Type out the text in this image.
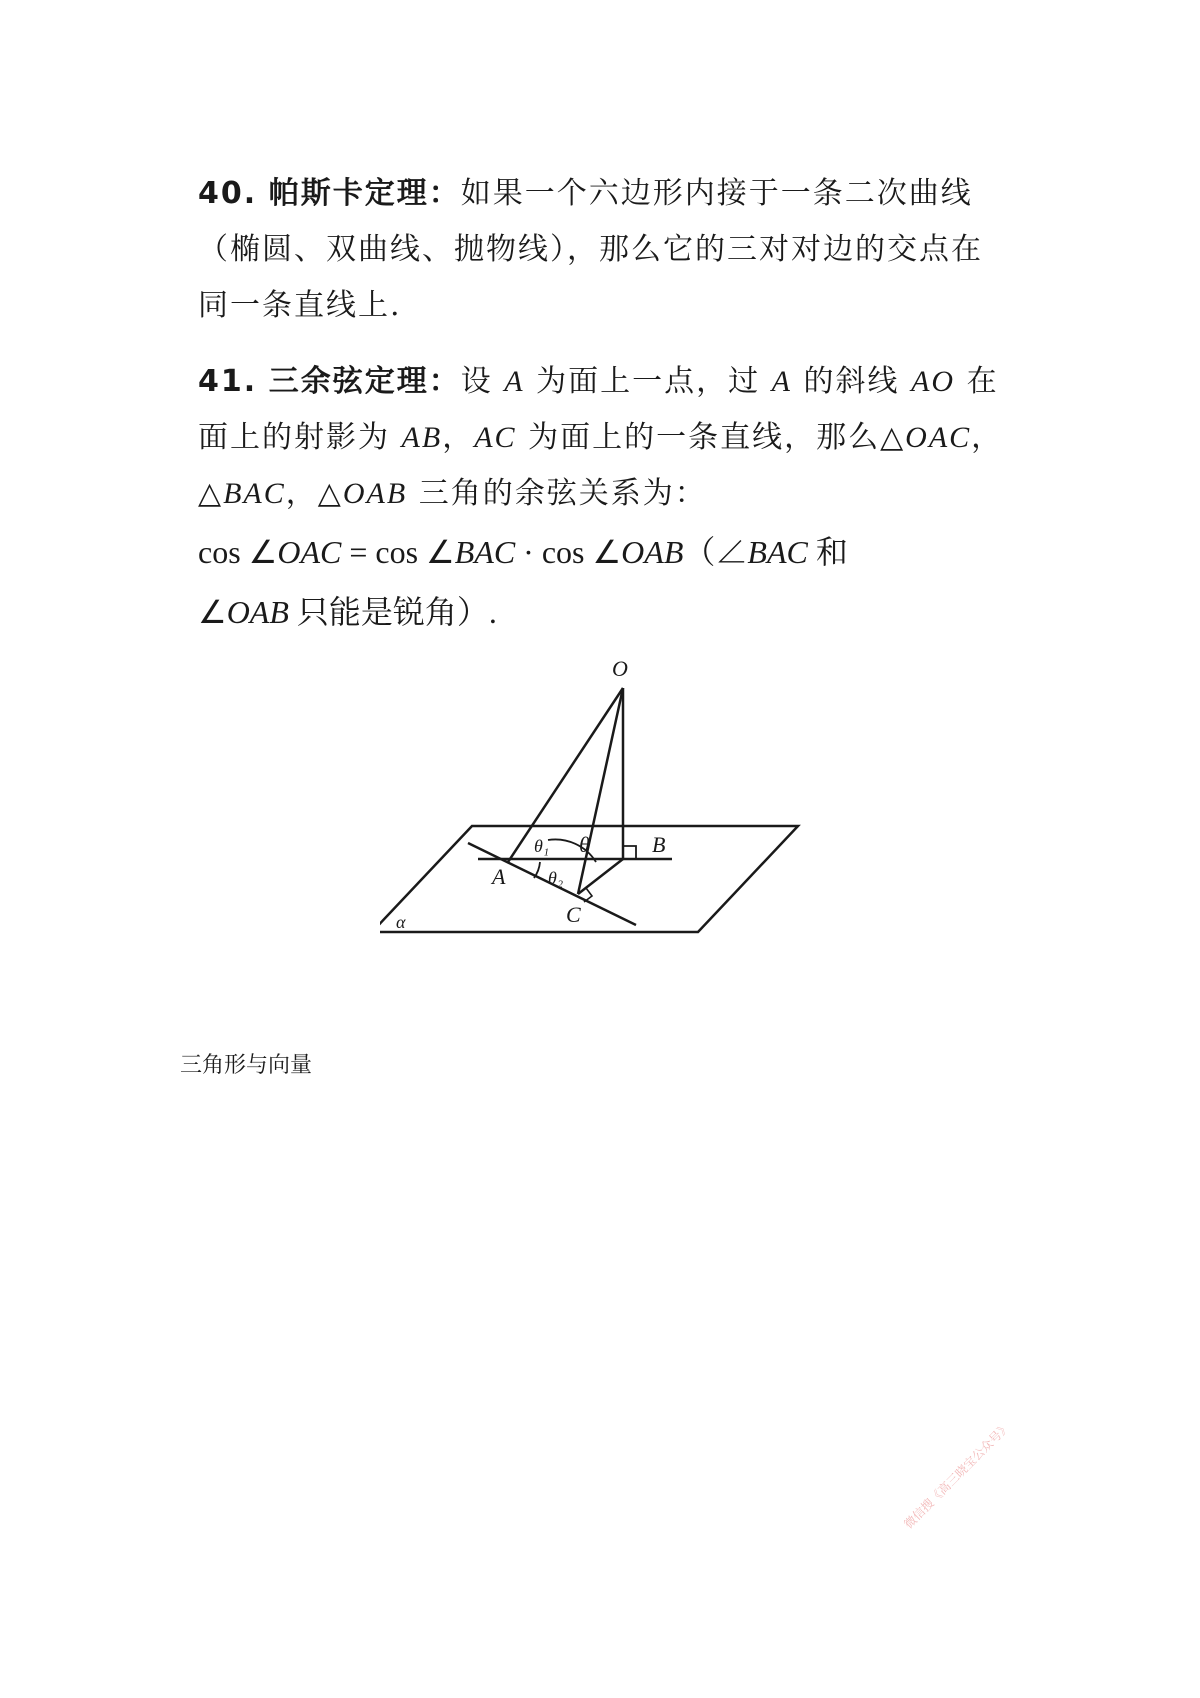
40. 帕斯卡定理：如果一个六边形内接于一条二次曲线
（椭圆、双曲线、抛物线），那么它的三对对边的交点在
同一条直线上.
41. 三余弦定理：设 A 为面上一点，过 A 的斜线 AO 在
面上的射影为 AB，AC 为面上的一条直线，那么△OAC，
△BAC，△OAB 三角的余弦关系为：
cos ∠OAC = cos ∠BAC · cos ∠OAB（∠BAC 和
∠OAB 只能是锐角）.
O
A
B
C
θ
θ₁
θ₂
α
三角形与向量
微信搜《高三晓宝公众号》
